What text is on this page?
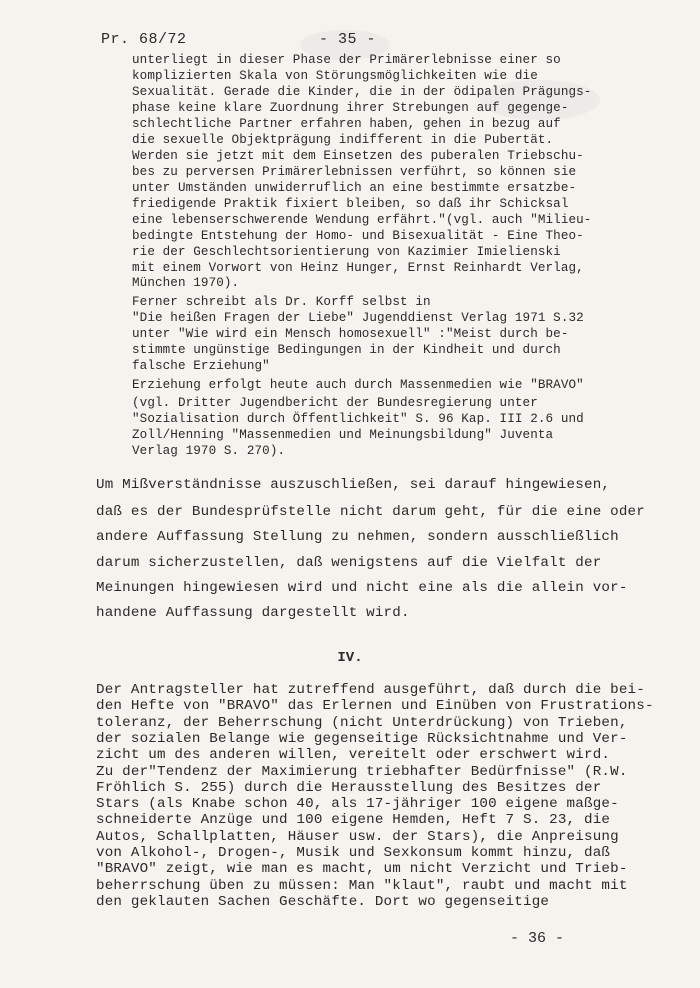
Pr. 68/72	- 35 -
unterliegt in dieser Phase der Primärerlebnisse einer so
komplizierten Skala von Störungsmöglichkeiten wie die
Sexualität. Gerade die Kinder, die in der ödipalen Prägungs-
phase keine klare Zuordnung ihrer Strebungen auf gegenge-
schlechtliche Partner erfahren haben, gehen in bezug auf
die sexuelle Objektprägung indifferent in die Pubertät.
Werden sie jetzt mit dem Einsetzen des puberalen Triebschu-
bes zu perversen Primärerlebnissen verführt, so können sie
unter Umständen unwiderruflich an eine bestimmte ersatzbe-
friedigende Praktik fixiert bleiben, so daß ihr Schicksal
eine lebenserschwerende Wendung erfährt."(vgl. auch "Milieu-
bedingte Entstehung der Homo- und Bisexualität - Eine Theo-
rie der Geschlechtsorientierung von Kazimier Imielienski
mit einem Vorwort von Heinz Hunger, Ernst Reinhardt Verlag,
München 1970).
Ferner schreibt als Dr. Korff selbst in
"Die heißen Fragen der Liebe" Jugenddienst Verlag 1971 S.32
unter "Wie wird ein Mensch homosexuell" :"Meist durch be-
stimmte ungünstige Bedingungen in der Kindheit und durch
falsche Erziehung"
Erziehung erfolgt heute auch durch Massenmedien wie "BRAVO"
(vgl. Dritter Jugendbericht der Bundesregierung unter
"Sozialisation durch Öffentlichkeit" S. 96 Kap. III 2.6 und
Zoll/Henning "Massenmedien und Meinungsbildung" Juventa
Verlag 1970 S. 270).
Um Mißverständnisse auszuschließen, sei darauf hingewiesen,
daß es der Bundesprüfstelle nicht darum geht, für die eine oder
andere Auffassung Stellung zu nehmen, sondern ausschließlich
darum sicherzustellen, daß wenigstens auf die Vielfalt der
Meinungen hingewiesen wird und nicht eine als die allein vor-
handene Auffassung dargestellt wird.
IV.
Der Antragsteller hat zutreffend ausgeführt, daß durch die bei-
den Hefte von "BRAVO" das Erlernen und Einüben von Frustrations-
toleranz, der Beherrschung (nicht Unterdrückung) von Trieben,
der sozialen Belange wie gegenseitige Rücksichtnahme und Ver-
zicht um des anderen willen, vereitelt oder erschwert wird.
Zu der"Tendenz der Maximierung triebhafter Bedürfnisse" (R.W.
Fröhlich S. 255) durch die Herausstellung des Besitzes der
Stars (als Knabe schon 40, als 17-jähriger 100 eigene maßge-
schneiderte Anzüge und 100 eigene Hemden, Heft 7 S. 23, die
Autos, Schallplatten, Häuser usw. der Stars), die Anpreisung
von Alkohol-, Drogen-, Musik und Sexkonsum kommt hinzu, daß
"BRAVO" zeigt, wie man es macht, um nicht Verzicht und Trieb-
beherrschung üben zu müssen: Man "klaut", raubt und macht mit
den geklauten Sachen Geschäfte. Dort wo gegenseitige
- 36 -
